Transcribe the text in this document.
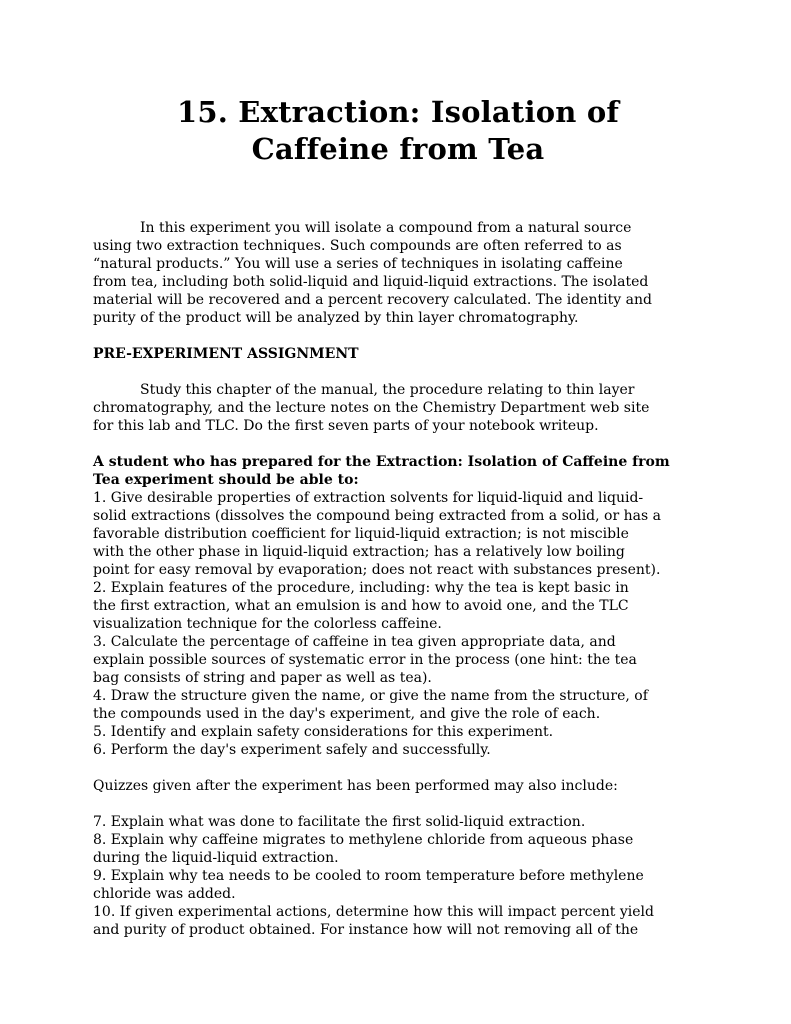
15. Extraction: Isolation of
Caffeine from Tea
In this experiment you will isolate a compound from a natural source
using two extraction techniques. Such compounds are often referred to as
“natural products.” You will use a series of techniques in isolating caffeine
from tea, including both solid-liquid and liquid-liquid extractions. The isolated
material will be recovered and a percent recovery calculated. The identity and
purity of the product will be analyzed by thin layer chromatography.
PRE-EXPERIMENT ASSIGNMENT
Study this chapter of the manual, the procedure relating to thin layer
chromatography, and the lecture notes on the Chemistry Department web site
for this lab and TLC. Do the first seven parts of your notebook writeup.
A student who has prepared for the Extraction: Isolation of Caffeine from
Tea experiment should be able to:
1. Give desirable properties of extraction solvents for liquid-liquid and liquid-
solid extractions (dissolves the compound being extracted from a solid, or has a
favorable distribution coefficient for liquid-liquid extraction; is not miscible
with the other phase in liquid-liquid extraction; has a relatively low boiling
point for easy removal by evaporation; does not react with substances present).
2. Explain features of the procedure, including: why the tea is kept basic in
the first extraction, what an emulsion is and how to avoid one, and the TLC
visualization technique for the colorless caffeine.
3. Calculate the percentage of caffeine in tea given appropriate data, and
explain possible sources of systematic error in the process (one hint: the tea
bag consists of string and paper as well as tea).
4. Draw the structure given the name, or give the name from the structure, of
the compounds used in the day's experiment, and give the role of each.
5. Identify and explain safety considerations for this experiment.
6. Perform the day's experiment safely and successfully.
Quizzes given after the experiment has been performed may also include:
7. Explain what was done to facilitate the first solid-liquid extraction.
8. Explain why caffeine migrates to methylene chloride from aqueous phase
during the liquid-liquid extraction.
9. Explain why tea needs to be cooled to room temperature before methylene
chloride was added.
10. If given experimental actions, determine how this will impact percent yield
and purity of product obtained. For instance how will not removing all of the
